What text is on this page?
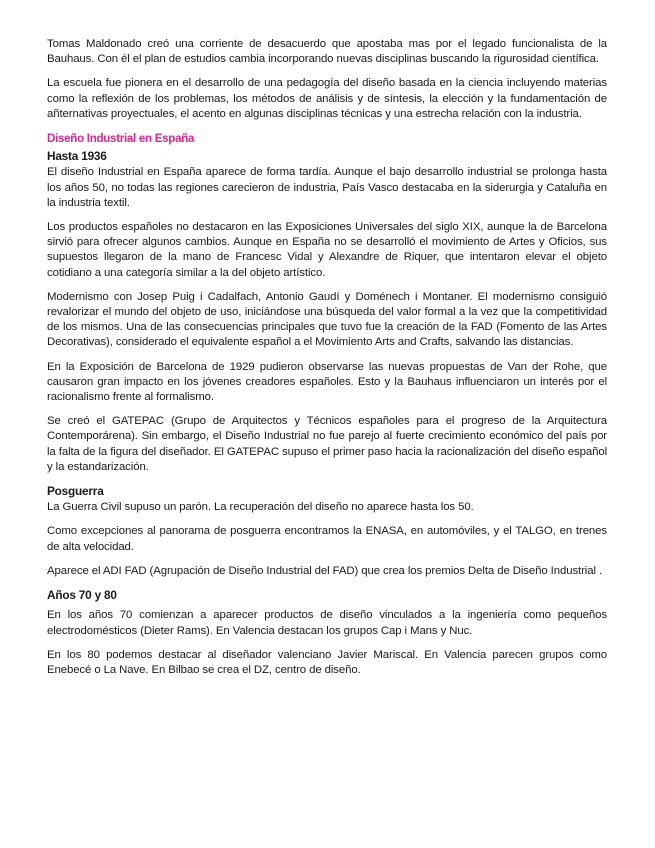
Tomas Maldonado creó una corriente de desacuerdo que apostaba mas por el legado funcionalista de la Bauhaus. Con él el plan de estudios cambia incorporando nuevas disciplinas buscando la rigurosidad científica.

La escuela fue pionera en el desarrollo de una pedagogía del diseño basada en la ciencia incluyendo materias como la reflexión de los problemas, los métodos de análisis y de síntesis, la elección y la fundamentación de añternativas proyectuales, el acento en algunas disciplinas técnicas y una estrecha relación con la industria.

Diseño Industrial en España
Hasta 1936

El diseño Industrial en España aparece de forma tardía. Aunque el bajo desarrollo industrial se prolonga hasta los años 50, no todas las regiones carecieron de industria, País Vasco destacaba en la siderurgia y Cataluña en la industria textil.

Los productos españoles no destacaron en las Exposiciones Universales del siglo XIX, aunque la de Barcelona sirvió para ofrecer algunos cambios. Aunque en España no se desarrolló el movimiento de Artes y Oficios, sus supuestos llegaron de la mano de Francesc Vidal y Alexandre de Riquer, que intentaron elevar el objeto cotidiano a una categoría similar a la del objeto artístico.

Modernismo con Josep Puig i Cadalfach, Antonio Gaudí y Doménech i Montaner. El modernismo consiguió revalorizar el mundo del objeto de uso, iniciándose una búsqueda del valor formal a la vez que la competitividad de los mismos. Una de las consecuencias principales que tuvo fue la creación de la FAD (Fomento de las Artes Decorativas), considerado el equivalente español a el Movimiento Arts and Crafts, salvando las distancias.

En la Exposición de Barcelona de 1929 pudieron observarse las nuevas propuestas de Van der Rohe, que causaron gran impacto en los jóvenes creadores españoles. Esto y la Bauhaus influenciaron un interés por el racionalismo frente al formalismo.

Se creó el GATEPAC (Grupo de Arquitectos y Técnicos españoles para el progreso de la Arquitectura Contemporárena). Sin embargo, el Diseño Industrial no fue parejo al fuerte crecimiento económico del país por la falta de la figura del diseñador. El GATEPAC supuso el primer paso hacia la racionalización del diseño español y la estandarización.

Posguerra

La Guerra Civil supuso un parón. La recuperación del diseño no aparece hasta los 50.

Como excepciones al panorama de posguerra encontramos la ENASA, en automóviles, y el TALGO, en trenes de alta velocidad.

Aparece el ADI FAD (Agrupación de Diseño Industrial del FAD) que crea los premios Delta de Diseño Industrial .

Años 70 y 80

En los años 70 comienzan a aparecer productos de diseño vinculados a la ingeniería como pequeños electrodomésticos (Dieter Rams). En Valencia destacan los grupos Cap i Mans y Nuc.

En los 80 podemos destacar al diseñador valenciano Javier Mariscal. En Valencia parecen grupos como Enebecé o La Nave. En Bilbao se crea el DZ, centro de diseño.
